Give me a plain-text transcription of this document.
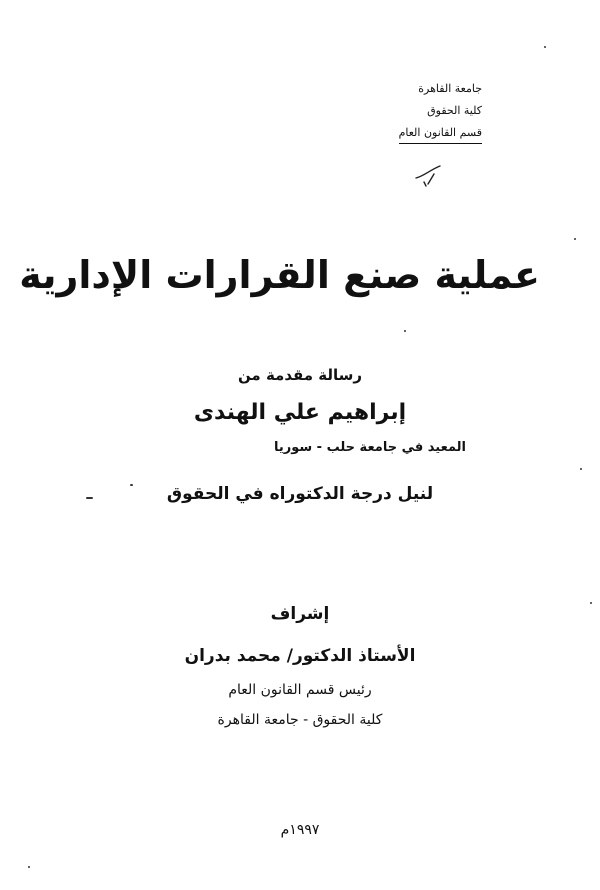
جامعة القاهرة
كلية الحقوق
قسم القانون العام
عملية صنع القرارات الإدارية
رسالة مقدمة من
إبراهيم علي الهندى
المعيد في جامعة حلب - سوريا
لنيل درجة الدكتوراه في الحقوق
إشراف
الأستاذ الدكتور/ محمد بدران
رئيس قسم القانون العام
كلية الحقوق - جامعة القاهرة
١٩٩٧م
